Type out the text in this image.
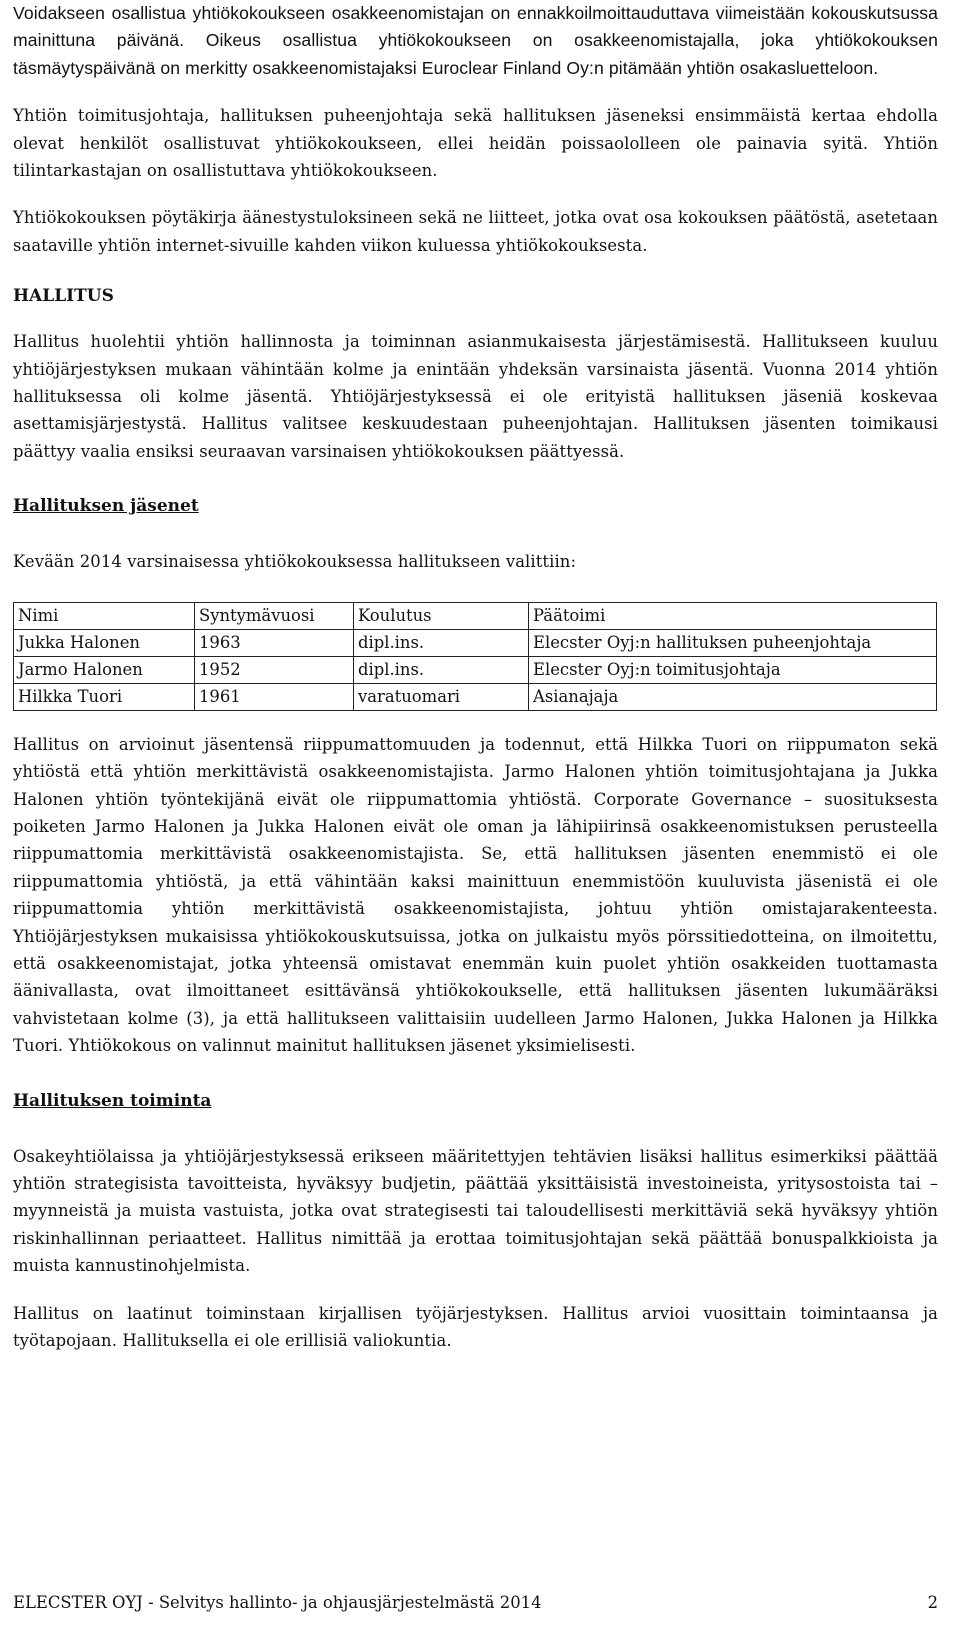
Voidakseen osallistua yhtiökokoukseen osakkeenomistajan on ennakkoilmoittauduttava viimeistään kokouskutsussa mainittuna päivänä. Oikeus osallistua yhtiökokoukseen on osakkeenomistajalla, joka yhtiökokouksen täsmäytyspäivänä on merkitty osakkeenomistajaksi Euroclear Finland Oy:n pitämään yhtiön osakasluetteloon.

Yhtiön toimitusjohtaja, hallituksen puheenjohtaja sekä hallituksen jäseneksi ensimmäistä kertaa ehdolla olevat henkilöt osallistuvat yhtiökokoukseen, ellei heidän poissaololleen ole painavia syitä. Yhtiön tilintarkastajan on osallistuttava yhtiökokoukseen.

Yhtiökokouksen pöytäkirja äänestystuloksineen sekä ne liitteet, jotka ovat osa kokouksen päätöstä, asetetaan saataville yhtiön internet-sivuille kahden viikon kuluessa yhtiökokouksesta.

HALLITUS

Hallitus huolehtii yhtiön hallinnosta ja toiminnan asianmukaisesta järjestämisestä. Hallitukseen kuuluu yhtiöjärjestyksen mukaan vähintään kolme ja enintään yhdeksän varsinaista jäsentä. Vuonna 2014 yhtiön hallituksessa oli kolme jäsentä. Yhtiöjärjestyksessä ei ole erityistä hallituksen jäseniä koskevaa asettamisjärjestystä. Hallitus valitsee keskuudestaan puheenjohtajan. Hallituksen jäsenten toimikausi päättyy vaalia ensiksi seuraavan varsinaisen yhtiökokouksen päättyessä.

Hallituksen jäsenet

Kevään 2014 varsinaisessa yhtiökokouksessa hallitukseen valittiin:

Nimi	Syntymävuosi	Koulutus	Päätoimi
Jukka Halonen	1963	dipl.ins.	Elecster Oyj:n hallituksen puheenjohtaja
Jarmo Halonen	1952	dipl.ins.	Elecster Oyj:n toimitusjohtaja
Hilkka Tuori	1961	varatuomari	Asianajaja

Hallitus on arvioinut jäsentensä riippumattomuuden ja todennut, että Hilkka Tuori on riippumaton sekä yhtiöstä että yhtiön merkittävistä osakkeenomistajista. Jarmo Halonen yhtiön toimitusjohtajana ja Jukka Halonen yhtiön työntekijänä eivät ole riippumattomia yhtiöstä. Corporate Governance – suosituksesta poiketen Jarmo Halonen ja Jukka Halonen eivät ole oman ja lähipiirinsä osakkeenomistuksen perusteella riippumattomia merkittävistä osakkeenomistajista. Se, että hallituksen jäsenten enemmistö ei ole riippumattomia yhtiöstä, ja että vähintään kaksi mainittuun enemmistöön kuuluvista jäsenistä ei ole riippumattomia yhtiön merkittävistä osakkeenomistajista, johtuu yhtiön omistajarakenteesta. Yhtiöjärjestyksen mukaisissa yhtiökokouskutsuissa, jotka on julkaistu myös pörssitiedotteina, on ilmoitettu, että osakkeenomistajat, jotka yhteensä omistavat enemmän kuin puolet yhtiön osakkeiden tuottamasta äänivallasta, ovat ilmoittaneet esittävänsä yhtiökokoukselle, että hallituksen jäsenten lukumääräksi vahvistetaan kolme (3), ja että hallitukseen valittaisiin uudelleen Jarmo Halonen, Jukka Halonen ja Hilkka Tuori. Yhtiökokous on valinnut mainitut hallituksen jäsenet yksimielisesti.

Hallituksen toiminta

Osakeyhtiölaissa ja yhtiöjärjestyksessä erikseen määritettyjen tehtävien lisäksi hallitus esimerkiksi päättää yhtiön strategisista tavoitteista, hyväksyy budjetin, päättää yksittäisistä investoineista, yritysostoista tai – myynneistä ja muista vastuista, jotka ovat strategisesti tai taloudellisesti merkittäviä sekä hyväksyy yhtiön riskinhallinnan periaatteet. Hallitus nimittää ja erottaa toimitusjohtajan sekä päättää bonuspalkkioista ja muista kannustinohjelmista.

Hallitus on laatinut toiminstaan kirjallisen työjärjestyksen. Hallitus arvioi vuosittain toimintaansa ja työtapojaan. Hallituksella ei ole erillisiä valiokuntia.

ELECSTER OYJ - Selvitys hallinto- ja ohjausjärjestelmästä 2014	2
